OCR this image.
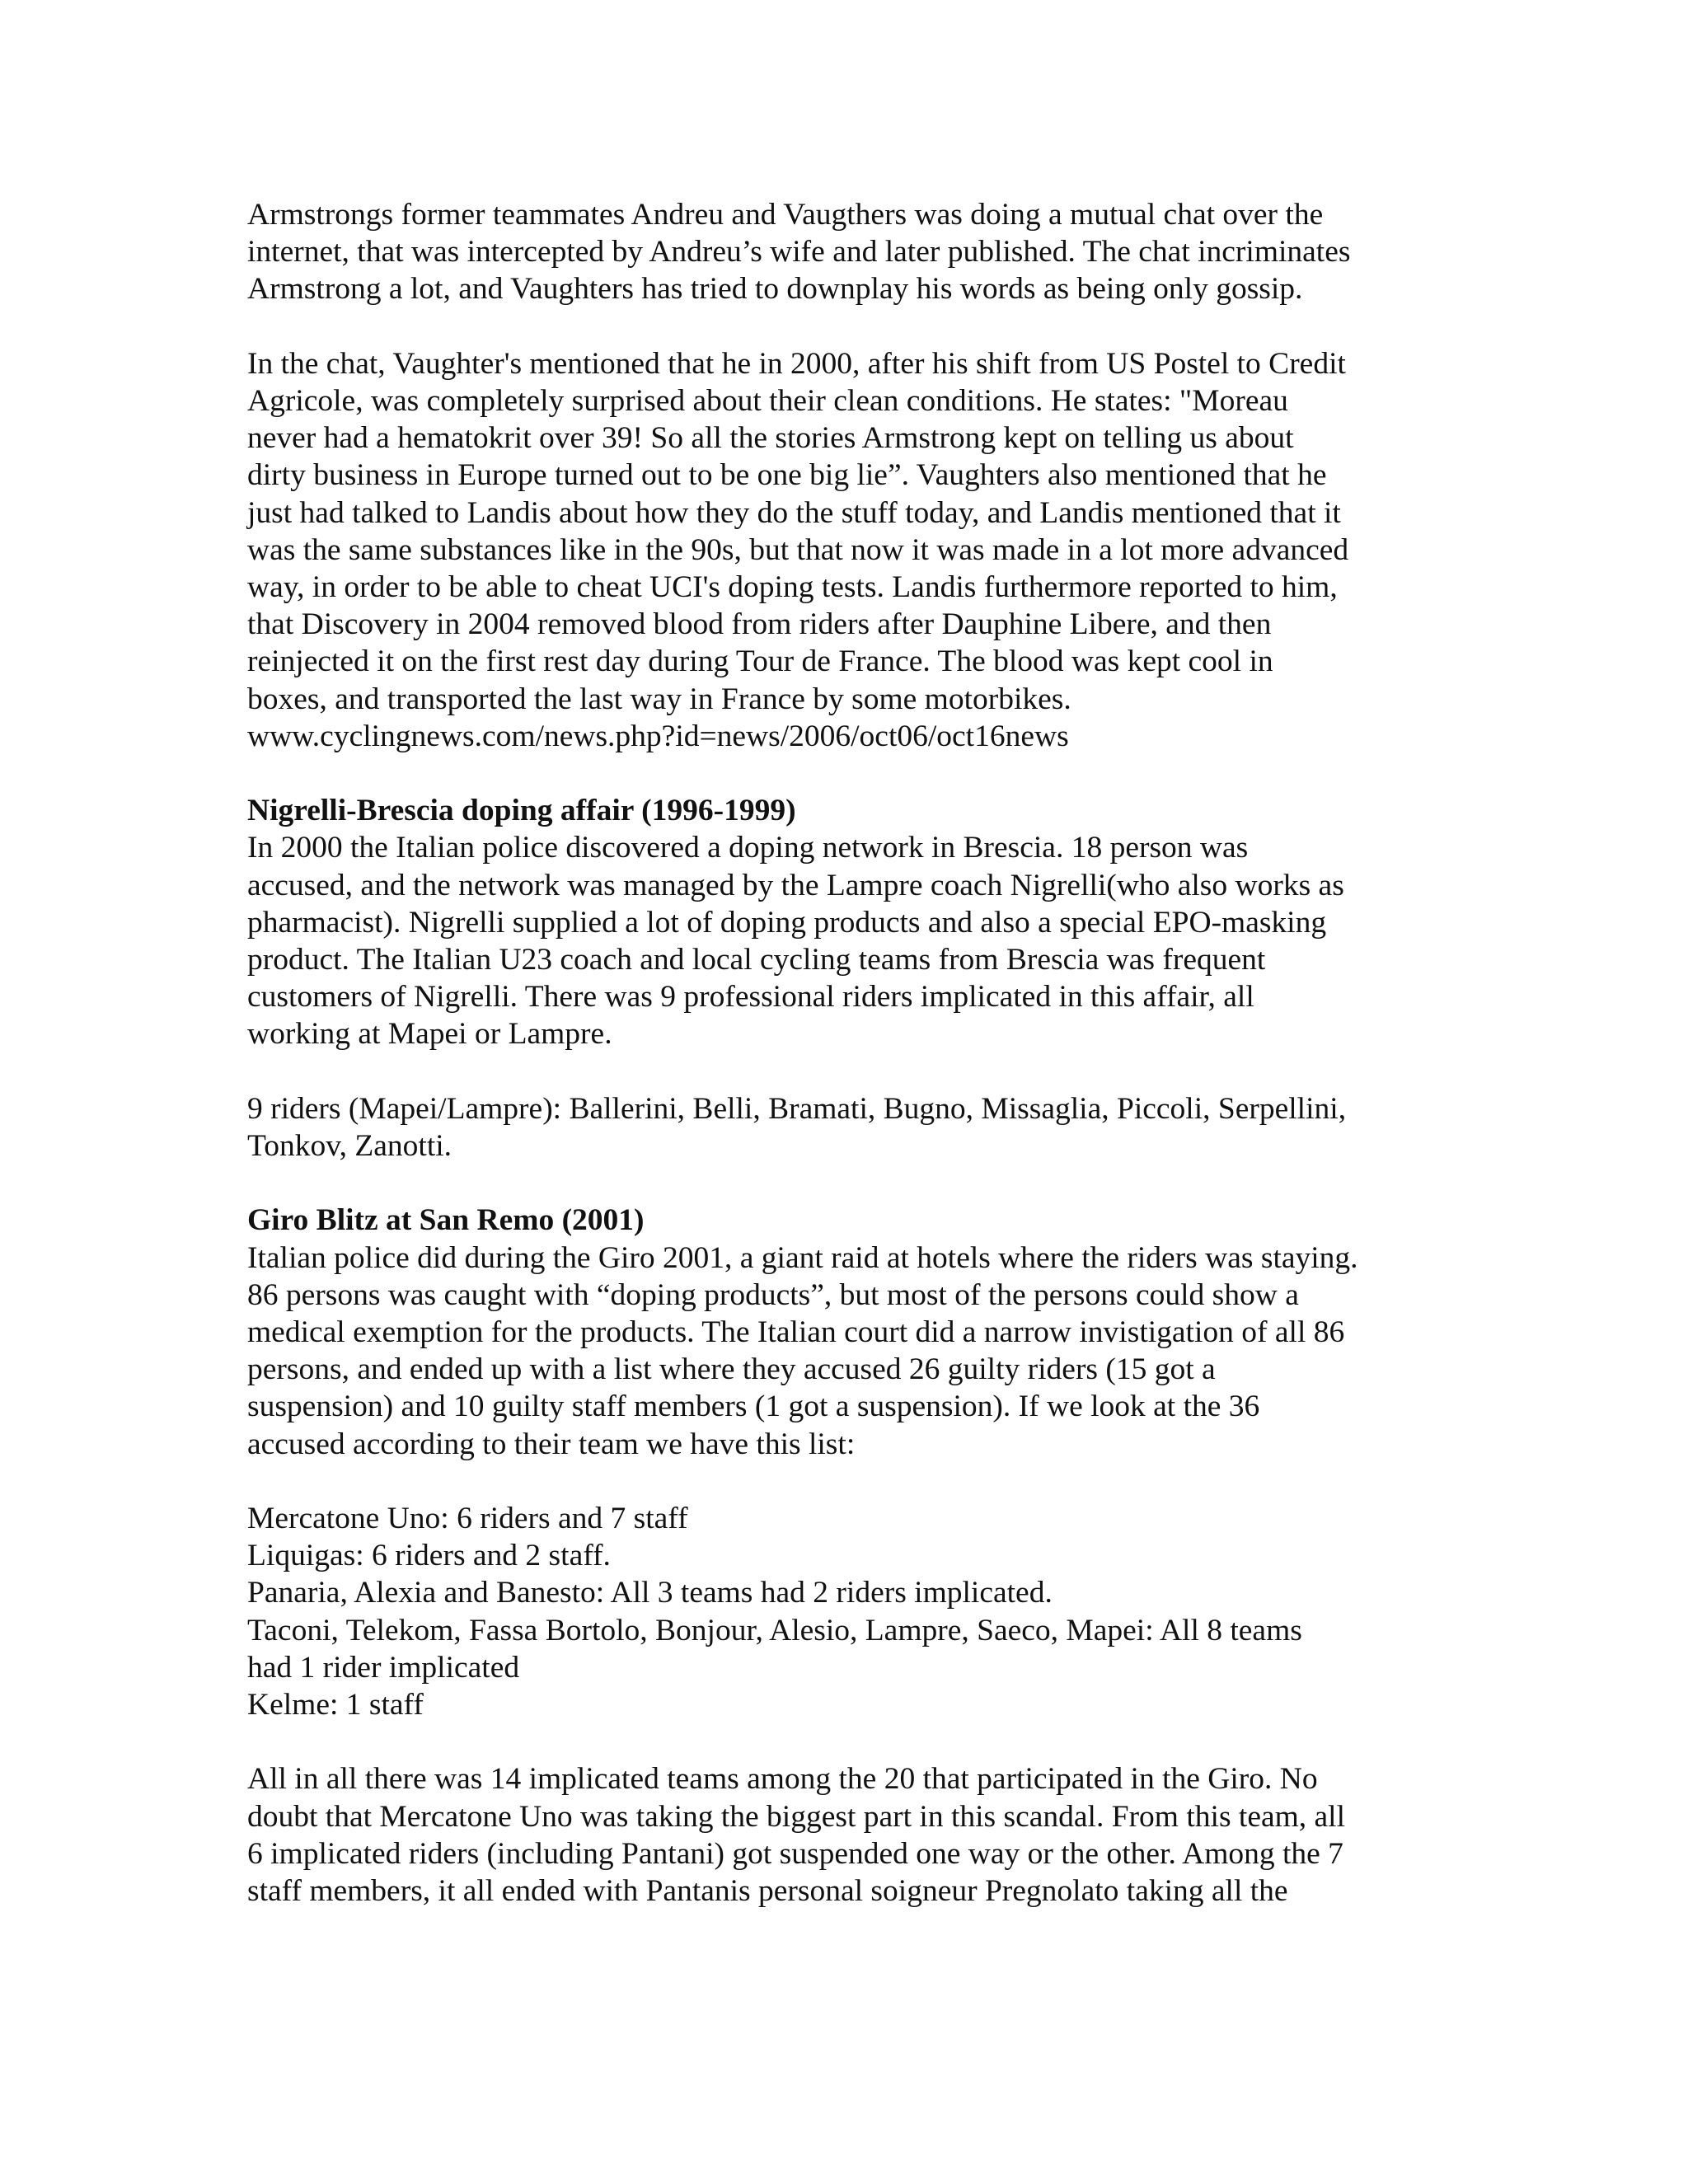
Armstrongs former teammates Andreu and Vaugthers was doing a mutual chat over the
internet, that was intercepted by Andreu’s wife and later published. The chat incriminates
Armstrong a lot, and Vaughters has tried to downplay his words as being only gossip.
In the chat, Vaughter's mentioned that he in 2000, after his shift from US Postel to Credit
Agricole, was completely surprised about their clean conditions. He states: "Moreau
never had a hematokrit over 39! So all the stories Armstrong kept on telling us about
dirty business in Europe turned out to be one big lie”. Vaughters also mentioned that he
just had talked to Landis about how they do the stuff today, and Landis mentioned that it
was the same substances like in the 90s, but that now it was made in a lot more advanced
way, in order to be able to cheat UCI's doping tests. Landis furthermore reported to him,
that Discovery in 2004 removed blood from riders after Dauphine Libere, and then
reinjected it on the first rest day during Tour de France. The blood was kept cool in
boxes, and transported the last way in France by some motorbikes.
www.cyclingnews.com/news.php?id=news/2006/oct06/oct16news
Nigrelli-Brescia doping affair (1996-1999)
In 2000 the Italian police discovered a doping network in Brescia. 18 person was
accused, and the network was managed by the Lampre coach Nigrelli(who also works as
pharmacist). Nigrelli supplied a lot of doping products and also a special EPO-masking
product. The Italian U23 coach and local cycling teams from Brescia was frequent
customers of Nigrelli. There was 9 professional riders implicated in this affair, all
working at Mapei or Lampre.
9 riders (Mapei/Lampre): Ballerini, Belli, Bramati, Bugno, Missaglia, Piccoli, Serpellini,
Tonkov, Zanotti.
Giro Blitz at San Remo (2001)
Italian police did during the Giro 2001, a giant raid at hotels where the riders was staying.
86 persons was caught with “doping products”, but most of the persons could show a
medical exemption for the products. The Italian court did a narrow invistigation of all 86
persons, and ended up with a list where they accused 26 guilty riders (15 got a
suspension) and 10 guilty staff members (1 got a suspension). If we look at the 36
accused according to their team we have this list:
Mercatone Uno: 6 riders and 7 staff
Liquigas: 6 riders and 2 staff.
Panaria, Alexia and Banesto: All 3 teams had 2 riders implicated.
Taconi, Telekom, Fassa Bortolo, Bonjour, Alesio, Lampre, Saeco, Mapei: All 8 teams
had 1 rider implicated
Kelme: 1 staff
All in all there was 14 implicated teams among the 20 that participated in the Giro. No
doubt that Mercatone Uno was taking the biggest part in this scandal. From this team, all
6 implicated riders (including Pantani) got suspended one way or the other. Among the 7
staff members, it all ended with Pantanis personal soigneur Pregnolato taking all the
